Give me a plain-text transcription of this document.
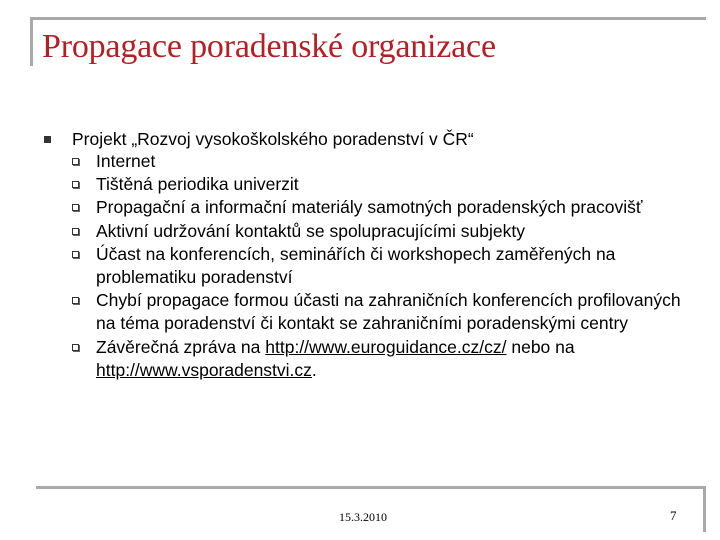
Propagace poradenské organizace
Projekt „Rozvoj vysokoškolského poradenství v ČR“
Internet
Tištěná periodika univerzit
Propagační a informační materiály samotných poradenských pracovišť
Aktivní udržování kontaktů se spolupracujícími subjekty
Účast na konferencích, seminářích či workshopech zaměřených na problematiku poradenství
Chybí propagace formou účasti na zahraničních konferencích profilovaných na téma poradenství či kontakt se zahraničními poradenskými centry
Závěrečná zpráva na http://www.euroguidance.cz/cz/ nebo na http://www.vsporadenstvi.cz.
15.3.2010	7
